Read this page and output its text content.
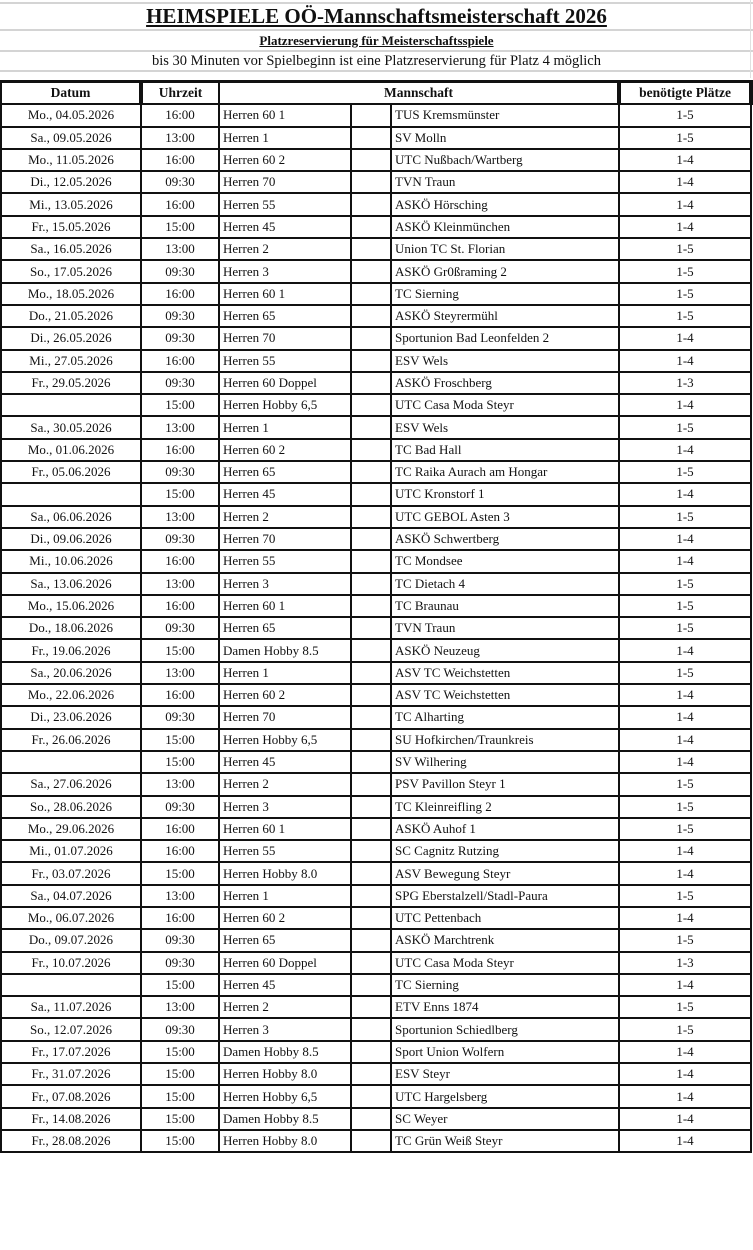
HEIMSPIELE OÖ-Mannschaftsmeisterschaft 2026
Platzreservierung für Meisterschaftsspiele
bis 30 Minuten vor Spielbeginn ist eine Platzreservierung für Platz 4 möglich
Datum	Uhrzeit	Mannschaft			benötigte Plätze
Mo., 04.05.2026	16:00	Herren 60 1		TUS Kremsmünster	1-5
Sa., 09.05.2026	13:00	Herren 1		SV Molln	1-5
Mo., 11.05.2026	16:00	Herren 60 2		UTC Nußbach/Wartberg	1-4
Di., 12.05.2026	09:30	Herren 70		TVN Traun	1-4
Mi., 13.05.2026	16:00	Herren 55		ASKÖ Hörsching	1-4
Fr., 15.05.2026	15:00	Herren 45		ASKÖ Kleinmünchen	1-4
Sa., 16.05.2026	13:00	Herren 2		Union TC St. Florian	1-5
So., 17.05.2026	09:30	Herren 3		ASKÖ Gr0ßraming 2	1-5
Mo., 18.05.2026	16:00	Herren 60 1		TC Sierning	1-5
Do., 21.05.2026	09:30	Herren 65		ASKÖ Steyrermühl	1-5
Di., 26.05.2026	09:30	Herren 70		Sportunion Bad Leonfelden 2	1-4
Mi., 27.05.2026	16:00	Herren 55		ESV Wels	1-4
Fr., 29.05.2026	09:30	Herren 60 Doppel		ASKÖ Froschberg	1-3
	15:00	Herren Hobby 6,5		UTC Casa Moda Steyr	1-4
Sa., 30.05.2026	13:00	Herren 1		ESV Wels	1-5
Mo., 01.06.2026	16:00	Herren 60 2		TC Bad Hall	1-4
Fr., 05.06.2026	09:30	Herren 65		TC Raika Aurach am Hongar	1-5
	15:00	Herren 45		UTC Kronstorf 1	1-4
Sa., 06.06.2026	13:00	Herren 2		UTC GEBOL Asten 3	1-5
Di., 09.06.2026	09:30	Herren 70		ASKÖ Schwertberg	1-4
Mi., 10.06.2026	16:00	Herren 55		TC Mondsee	1-4
Sa., 13.06.2026	13:00	Herren 3		TC Dietach 4	1-5
Mo., 15.06.2026	16:00	Herren 60 1		TC Braunau	1-5
Do., 18.06.2026	09:30	Herren 65		TVN Traun	1-5
Fr., 19.06.2026	15:00	Damen Hobby 8.5		ASKÖ Neuzeug	1-4
Sa., 20.06.2026	13:00	Herren 1		ASV TC Weichstetten	1-5
Mo., 22.06.2026	16:00	Herren 60 2		ASV TC Weichstetten	1-4
Di., 23.06.2026	09:30	Herren 70		TC Alharting	1-4
Fr., 26.06.2026	15:00	Herren Hobby 6,5		SU Hofkirchen/Traunkreis	1-4
	15:00	Herren 45		SV Wilhering	1-4
Sa., 27.06.2026	13:00	Herren 2		PSV Pavillon Steyr 1	1-5
So., 28.06.2026	09:30	Herren 3		TC Kleinreifling 2	1-5
Mo., 29.06.2026	16:00	Herren 60 1		ASKÖ Auhof 1	1-5
Mi., 01.07.2026	16:00	Herren 55		SC Cagnitz Rutzing	1-4
Fr., 03.07.2026	15:00	Herren Hobby 8.0		ASV Bewegung Steyr	1-4
Sa., 04.07.2026	13:00	Herren 1		SPG Eberstalzell/Stadl-Paura	1-5
Mo., 06.07.2026	16:00	Herren 60 2		UTC Pettenbach	1-4
Do., 09.07.2026	09:30	Herren 65		ASKÖ Marchtrenk	1-5
Fr., 10.07.2026	09:30	Herren 60 Doppel		UTC Casa Moda Steyr	1-3
	15:00	Herren 45		TC Sierning	1-4
Sa., 11.07.2026	13:00	Herren 2		ETV Enns 1874	1-5
So., 12.07.2026	09:30	Herren 3		Sportunion Schiedlberg	1-5
Fr., 17.07.2026	15:00	Damen Hobby 8.5		Sport Union Wolfern	1-4
Fr., 31.07.2026	15:00	Herren Hobby 8.0		ESV Steyr	1-4
Fr., 07.08.2026	15:00	Herren Hobby 6,5		UTC Hargelsberg	1-4
Fr., 14.08.2026	15:00	Damen Hobby 8.5		SC Weyer	1-4
Fr., 28.08.2026	15:00	Herren Hobby 8.0		TC Grün Weiß Steyr	1-4
